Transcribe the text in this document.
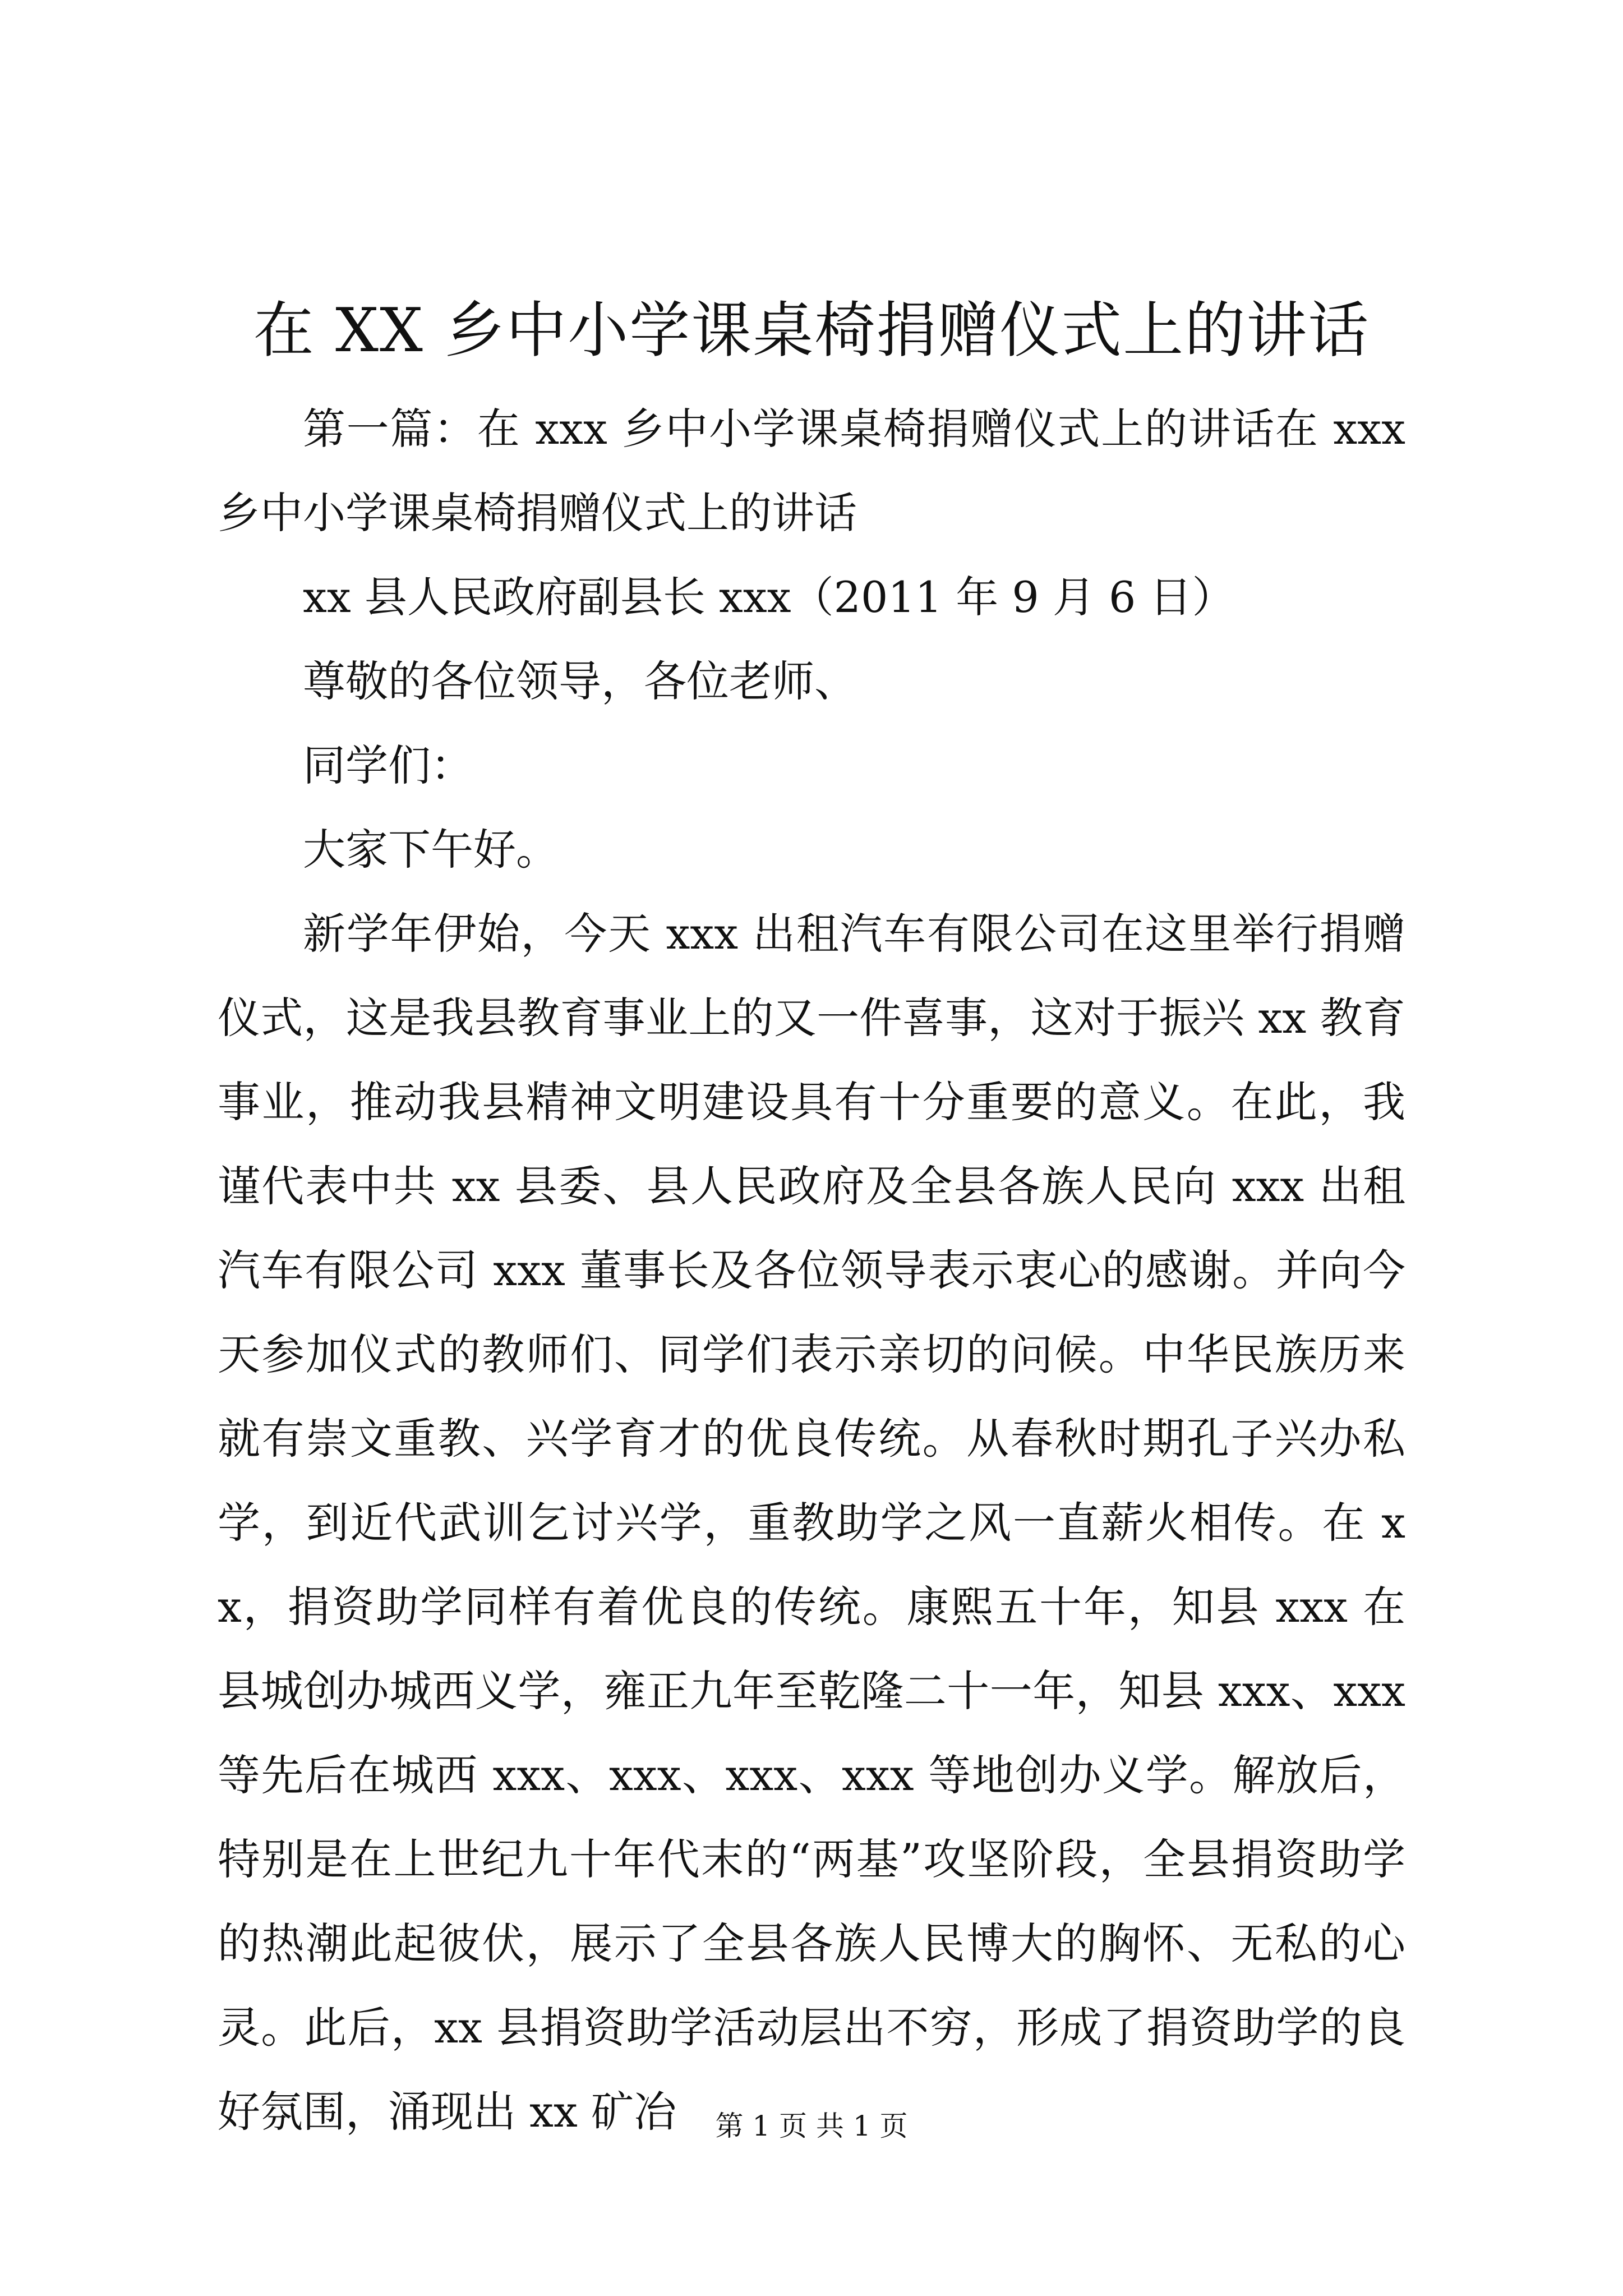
在 XX 乡中小学课桌椅捐赠仪式上的讲话

第一篇：在 xxx 乡中小学课桌椅捐赠仪式上的讲话在 xxx 乡中小学课桌椅捐赠仪式上的讲话

xx 县人民政府副县长 xxx（2011 年 9 月 6 日）

尊敬的各位领导，各位老师、

同学们：

大家下午好。

新学年伊始，今天 xxx 出租汽车有限公司在这里举行捐赠仪式，这是我县教育事业上的又一件喜事，这对于振兴 xx 教育事业，推动我县精神文明建设具有十分重要的意义。在此，我谨代表中共 xx 县委、县人民政府及全县各族人民向 xxx 出租汽车有限公司 xxx 董事长及各位领导表示衷心的感谢。并向今天参加仪式的教师们、同学们表示亲切的问候。中华民族历来就有崇文重教、兴学育才的优良传统。从春秋时期孔子兴办私学，到近代武训乞讨兴学，重教助学之风一直薪火相传。在 xx，捐资助学同样有着优良的传统。康熙五十年，知县 xxx 在县城创办城西义学，雍正九年至乾隆二十一年，知县 xxx、xxx 等先后在城西 xxx、xxx、xxx、xxx 等地创办义学。解放后，特别是在上世纪九十年代末的“两基”攻坚阶段，全县捐资助学的热潮此起彼伏，展示了全县各族人民博大的胸怀、无私的心灵。此后，xx 县捐资助学活动层出不穷，形成了捐资助学的良好氛围，涌现出 xx 矿冶	第 1 页 共 1 页
